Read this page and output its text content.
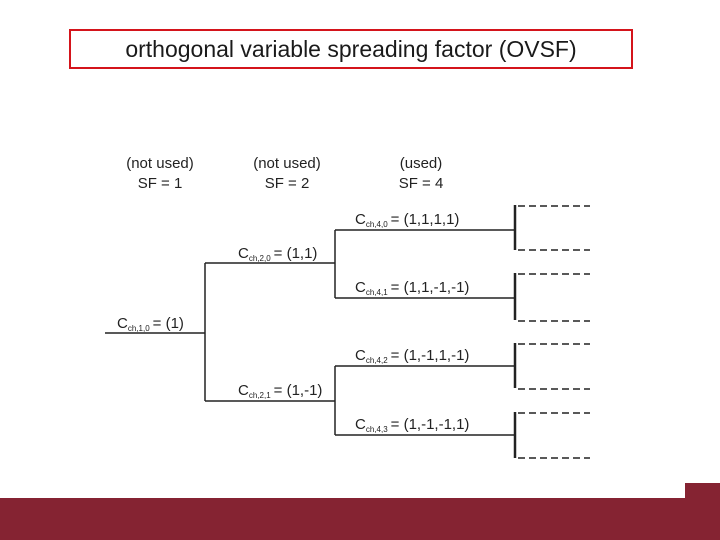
orthogonal variable spreading factor (OVSF)
(not used)
SF = 1
(not used)
SF = 2
(used)
SF = 4
Cch,1,0 = (1)
Cch,2,0 = (1,1)
Cch,2,1 = (1,-1)
Cch,4,0 = (1,1,1,1)
Cch,4,1 = (1,1,-1,-1)
Cch,4,2 = (1,-1,1,-1)
Cch,4,3 = (1,-1,-1,1)
